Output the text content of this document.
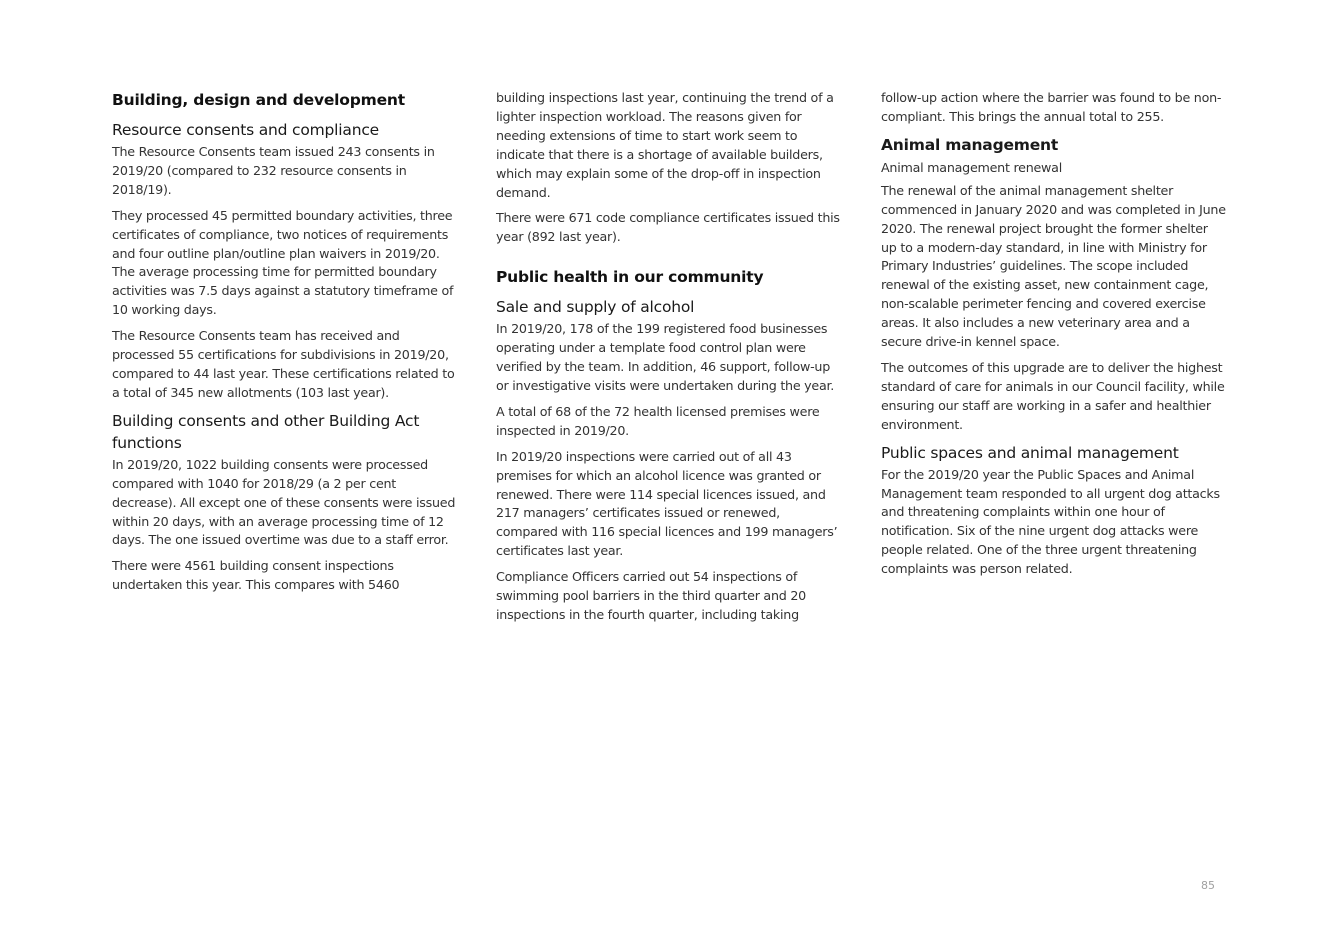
Building, design and development
Resource consents and compliance

The Resource Consents team issued 243 consents in 2019/20 (compared to 232 resource consents in 2018/19).

They processed 45 permitted boundary activities, three certificates of compliance, two notices of requirements and four outline plan/outline plan waivers in 2019/20. The average processing time for permitted boundary activities was 7.5 days against a statutory timeframe of 10 working days.

The Resource Consents team has received and processed 55 certifications for subdivisions in 2019/20, compared to 44 last year. These certifications related to a total of 345 new allotments (103 last year).

Building consents and other Building Act functions

In 2019/20, 1022 building consents were processed compared with 1040 for 2018/29 (a 2 per cent decrease). All except one of these consents were issued within 20 days, with an average processing time of 12 days. The one issued overtime was due to a staff error.

There were 4561 building consent inspections undertaken this year. This compares with 5460

building inspections last year, continuing the trend of a lighter inspection workload. The reasons given for needing extensions of time to start work seem to indicate that there is a shortage of available builders, which may explain some of the drop-off in inspection demand.

There were 671 code compliance certificates issued this year (892 last year).

Public health in our community
Sale and supply of alcohol

In 2019/20, 178 of the 199 registered food businesses operating under a template food control plan were verified by the team. In addition, 46 support, follow-up or investigative visits were undertaken during the year.

A total of 68 of the 72 health licensed premises were inspected in 2019/20.

In 2019/20 inspections were carried out of all 43 premises for which an alcohol licence was granted or renewed. There were 114 special licences issued, and 217 managers’ certificates issued or renewed, compared with 116 special licences and 199 managers’ certificates last year.

Compliance Officers carried out 54 inspections of swimming pool barriers in the third quarter and 20 inspections in the fourth quarter, including taking

follow-up action where the barrier was found to be non-compliant. This brings the annual total to 255.

Animal management
Animal management renewal

The renewal of the animal management shelter commenced in January 2020 and was completed in June 2020. The renewal project brought the former shelter up to a modern-day standard, in line with Ministry for Primary Industries’ guidelines. The scope included renewal of the existing asset, new containment cage, non-scalable perimeter fencing and covered exercise areas. It also includes a new veterinary area and a secure drive-in kennel space.

The outcomes of this upgrade are to deliver the highest standard of care for animals in our Council facility, while ensuring our staff are working in a safer and healthier environment.

Public spaces and animal management

For the 2019/20 year the Public Spaces and Animal Management team responded to all urgent dog attacks and threatening complaints within one hour of notification. Six of the nine urgent dog attacks were people related. One of the three urgent threatening complaints was person related.

85
